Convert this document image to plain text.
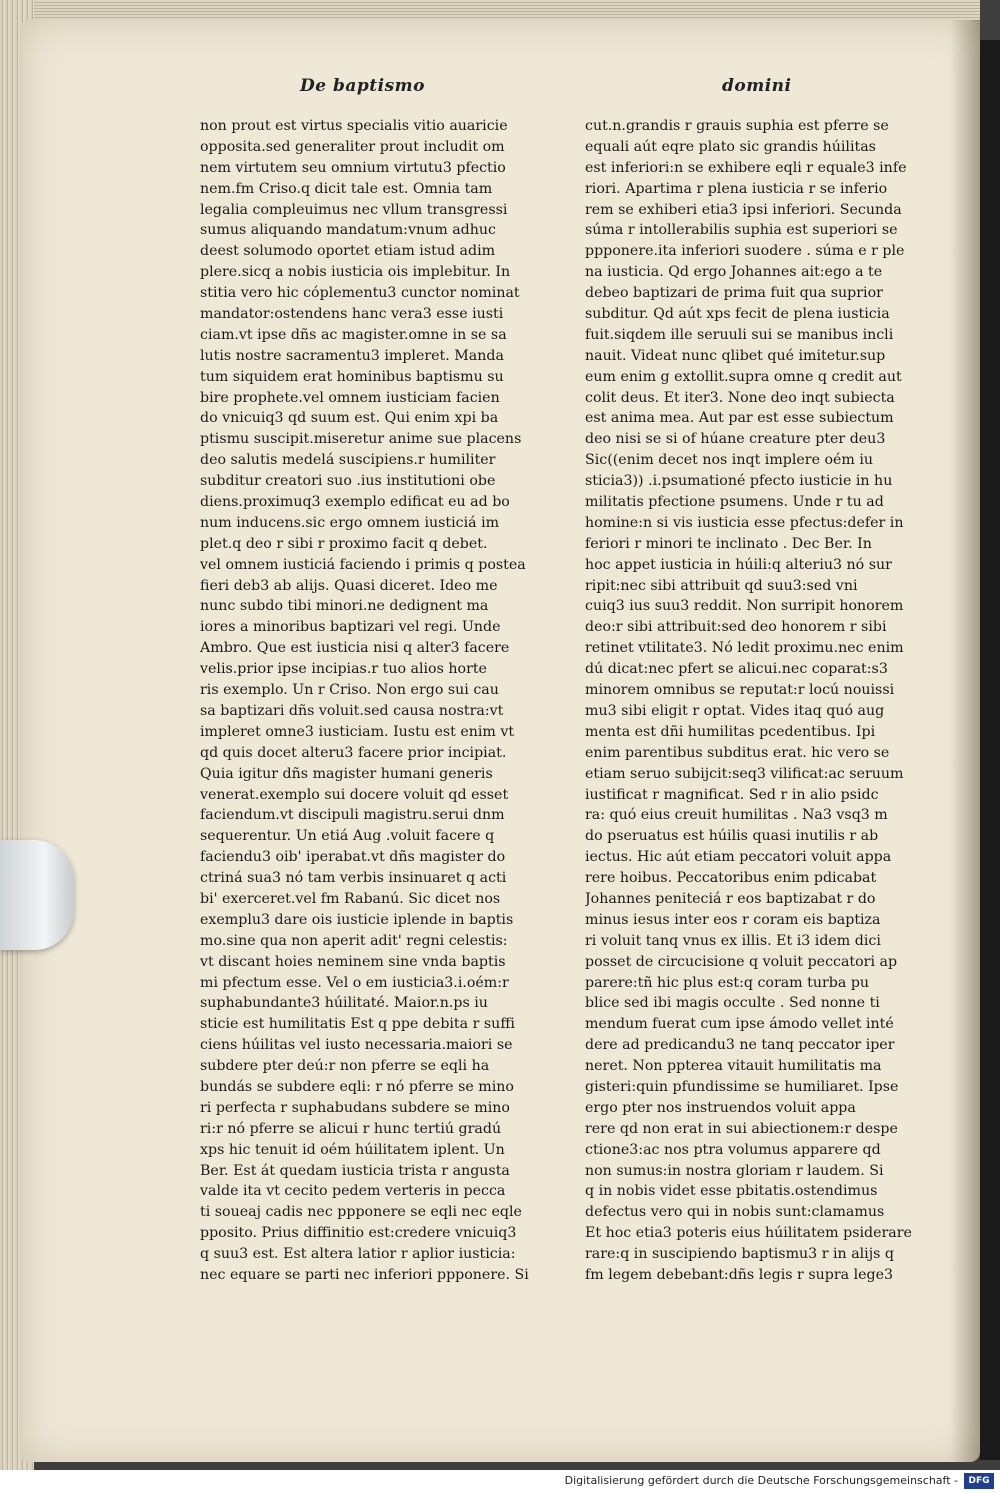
De baptismo	domini
non prout est virtus specialis vitio auaricie
opposita.sed generaliter prout includit om
nem virtutem seu omnium virtutu3 pfectio
nem.fm Criso.q dicit tale est. Omnia tam
legalia compleuimus nec vllum transgressi
sumus aliquando mandatum:vnum adhuc
deest solumodo oportet etiam istud adim
plere.sicq a nobis iusticia ois implebitur. In
stitia vero hic cóplementu3 cunctor nominat
mandator:ostendens hanc vera3 esse iusti
ciam.vt ipse dñs ac magister.omne in se sa
lutis nostre sacramentu3 impleret. Manda
tum siquidem erat hominibus baptismu su
bire prophete.vel omnem iusticiam facien
do vnicuiq3 qd suum est. Qui enim xpi ba
ptismu suscipit.miseretur anime sue placens
deo salutis medelá suscipiens.r humiliter
subditur creatori suo .ius institutioni obe
diens.proximuq3 exemplo edificat eu ad bo
num inducens.sic ergo omnem iusticiá im
plet.q deo r sibi r proximo facit q debet.
vel omnem iusticiá faciendo i primis q postea
fieri deb3 ab alijs. Quasi diceret. Ideo me
nunc subdo tibi minori.ne dedignent ma
iores a minoribus baptizari vel regi. Unde
Ambro. Que est iusticia nisi q alter3 facere
velis.prior ipse incipias.r tuo alios horte
ris exemplo. Un r Criso. Non ergo sui cau
sa baptizari dñs voluit.sed causa nostra:vt
impleret omne3 iusticiam. Iustu est enim vt
qd quis docet alteru3 facere prior incipiat.
Quia igitur dñs magister humani generis
venerat.exemplo sui docere voluit qd esset
faciendum.vt discipuli magistru.serui dnm
sequerentur. Un etiá Aug .voluit facere q
faciendu3 oib' iperabat.vt dñs magister do
ctriná sua3 nó tam verbis insinuaret q acti
bi' exerceret.vel fm Rabanú. Sic dicet nos
exemplu3 dare ois iusticie iplende in baptis
mo.sine qua non aperit adit' regni celestis:
vt discant hoies neminem sine vnda baptis
mi pfectum esse. Vel o em iusticia3.i.oém:r
suphabundante3 húilitaté. Maior.n.ps iu
sticie est humilitatis Est q ppe debita r suffi
ciens húilitas vel iusto necessaria.maiori se
subdere pter deú:r non pferre se eqli ha
bundás se subdere eqli: r nó pferre se mino
ri perfecta r suphabudans subdere se mino
ri:r nó pferre se alicui r hunc tertiú gradú
xps hic tenuit id oém húilitatem iplent. Un
Ber. Est át quedam iusticia trista r angusta
valde ita vt cecito pedem verteris in pecca
ti soueaj cadis nec ppponere se eqli nec eqle
pposito. Prius diffinitio est:credere vnicuiq3
q suu3 est. Est altera latior r aplior iusticia:
nec equare se parti nec inferiori ppponere. Si
cut.n.grandis r grauis suphia est pferre se
equali aút eqre plato sic grandis húilitas
est inferiori:n se exhibere eqli r equale3 infe
riori. Apartima r plena iusticia r se inferio
rem se exhiberi etia3 ipsi inferiori. Secunda
súma r intollerabilis suphia est superiori se
ppponere.ita inferiori suodere . súma e r ple
na iusticia. Qd ergo Johannes ait:ego a te
debeo baptizari de prima fuit qua suprior
subditur. Qd aút xps fecit de plena iusticia
fuit.siqdem ille seruuli sui se manibus incli
nauit. Videat nunc qlibet qué imitetur.sup
eum enim g extollit.supra omne q credit aut
colit deus. Et iter3. None deo inqt subiecta
est anima mea. Aut par est esse subiectum
deo nisi se si of húane creature pter deu3
Sic((enim decet nos inqt implere oém iu
sticia3)) .i.psumationé pfecto iusticie in hu
militatis pfectione psumens. Unde r tu ad
homine:n si vis iusticia esse pfectus:defer in
feriori r minori te inclinato . Dec Ber. In
hoc appet iusticia in húili:q alteriu3 nó sur
ripit:nec sibi attribuit qd suu3:sed vni
cuiq3 ius suu3 reddit. Non surripit honorem
deo:r sibi attribuit:sed deo honorem r sibi
retinet vtilitate3. Nó ledit proximu.nec enim
dú dicat:nec pfert se alicui.nec coparat:s3
minorem omnibus se reputat:r locú nouissi
mu3 sibi eligit r optat. Vides itaq quó aug
menta est dñi humilitas pcedentibus. Ipi
enim parentibus subditus erat. hic vero se
etiam seruo subijcit:seq3 vilificat:ac seruum
iustificat r magnificat. Sed r in alio psidc
ra: quó eius creuit humilitas . Na3 vsq3 m
do pseruatus est húilis quasi inutilis r ab
iectus. Hic aút etiam peccatori voluit appa
rere hoibus. Peccatoribus enim pdicabat
Johannes peniteciá r eos baptizabat r do
minus iesus inter eos r coram eis baptiza
ri voluit tanq vnus ex illis. Et i3 idem dici
posset de circucisione q voluit peccatori ap
parere:tñ hic plus est:q coram turba pu
blice sed ibi magis occulte . Sed nonne ti
mendum fuerat cum ipse ámodo vellet inté
dere ad predicandu3 ne tanq peccator iper
neret. Non ppterea vitauit humilitatis ma
gisteri:quin pfundissime se humiliaret. Ipse
ergo pter nos instruendos voluit appa
rere qd non erat in sui abiectionem:r despe
ctione3:ac nos ptra volumus apparere qd
non sumus:in nostra gloriam r laudem. Si
q in nobis videt esse pbitatis.ostendimus
defectus vero qui in nobis sunt:clamamus
Et hoc etia3 poteris eius húilitatem psiderare
rare:q in suscipiendo baptismu3 r in alijs q
fm legem debebant:dñs legis r supra lege3
Digitalisierung gefördert durch die Deutsche Forschungsgemeinschaft -	DFG
